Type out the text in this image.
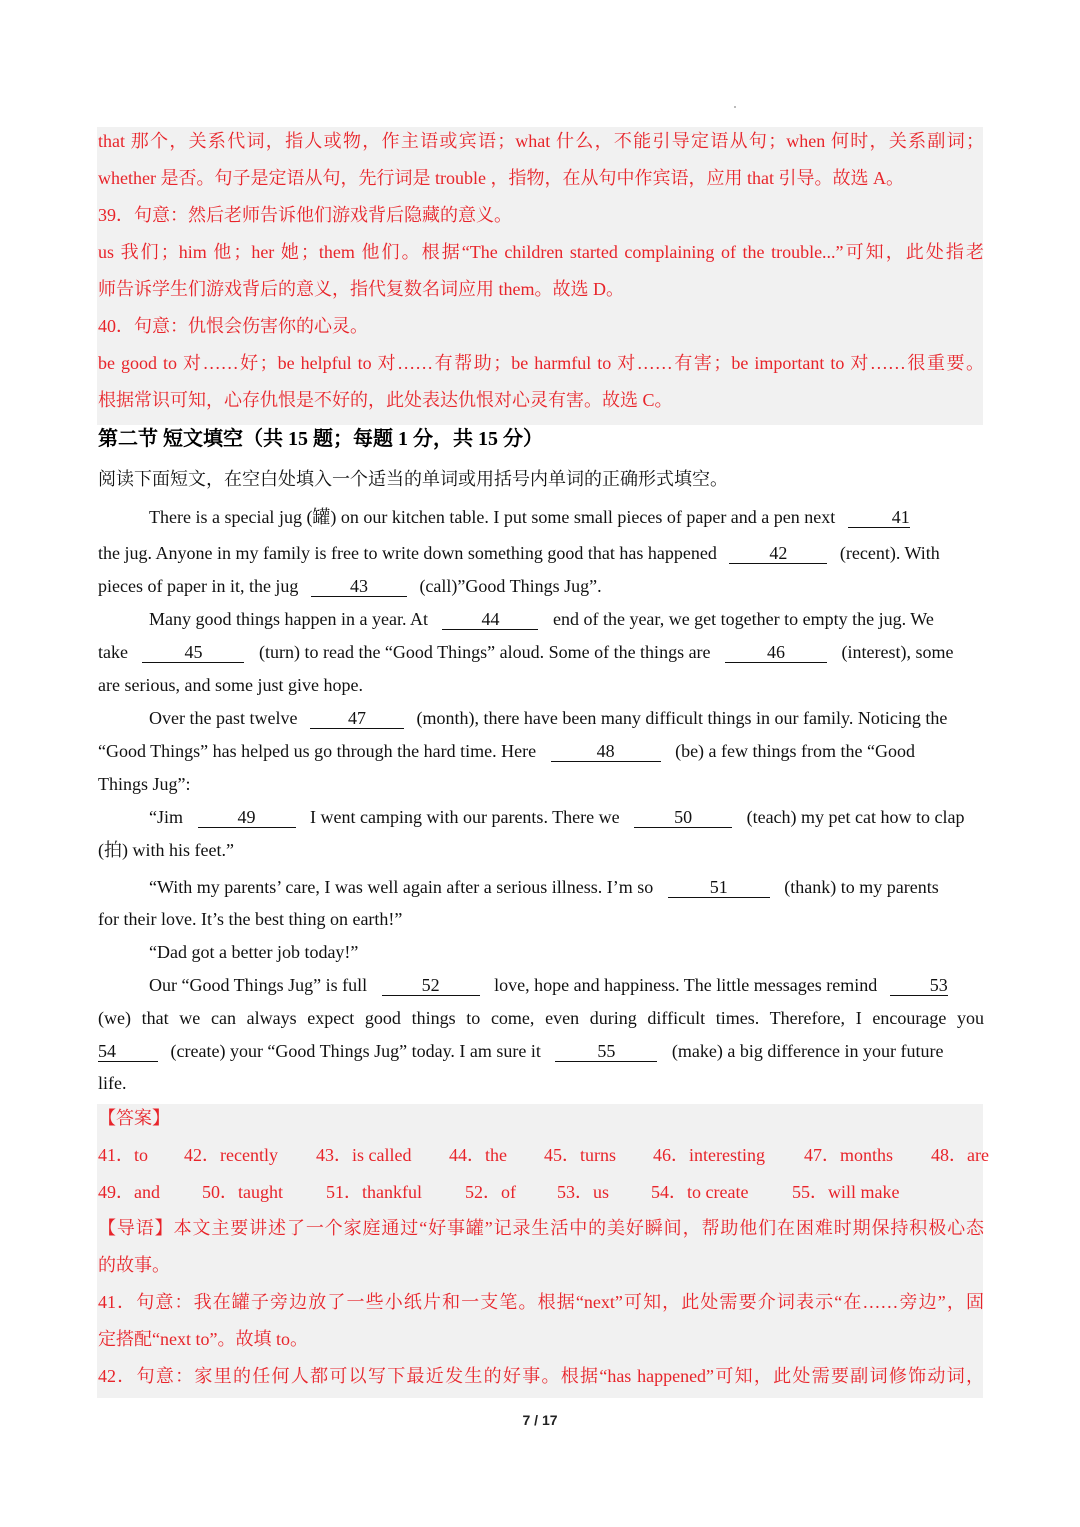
that 那个，关系代词，指人或物，作主语或宾语；what 什么，不能引导定语从句；when 何时，关系副词；
whether 是否。句子是定语从句，先行词是 trouble ，指物，在从句中作宾语，应用 that 引导。故选 A。
39．句意：然后老师告诉他们游戏背后隐藏的意义。
us 我们；him 他；her 她；them 他们。根据“The children started complaining of the trouble...”可知，此处指老
师告诉学生们游戏背后的意义，指代复数名词应用 them。故选 D。
40．句意：仇恨会伤害你的心灵。
be good to 对……好；be helpful to 对……有帮助；be harmful to 对……有害；be important to 对……很重要。
根据常识可知，心存仇恨是不好的，此处表达仇恨对心灵有害。故选 C。
第二节 短文填空（共 15 题；每题 1 分，共 15 分）
阅读下面短文，在空白处填入一个适当的单词或用括号内单词的正确形式填空。
There is a special jug (罐) on our kitchen table. I put some small pieces of paper and a pen next	41
the jug. Anyone in my family is free to write down something good that has happened	42	(recent). With
pieces of paper in it, the jug	43	(call)”Good Things Jug”.
Many good things happen in a year. At	44	end of the year, we get together to empty the jug. We
take	45	(turn) to read the “Good Things” aloud. Some of the things are	46	(interest), some
are serious, and some just give hope.
Over the past twelve	47	(month), there have been many difficult things in our family. Noticing the
“Good Things” has helped us go through the hard time. Here	48	(be) a few things from the “Good
Things Jug”:
“Jim	49	I went camping with our parents. There we	50	(teach) my pet cat how to clap
(拍) with his feet.”
“With my parents’ care, I was well again after a serious illness. I’m so	51	(thank) to my parents
for their love. It’s the best thing on earth!”
“Dad got a better job today!”
Our “Good Things Jug” is full	52	love, hope and happiness. The little messages remind	53
(we) that we can always expect good things to come, even during difficult times. Therefore, I encourage you
54	(create) your “Good Things Jug” today. I am sure it	55	(make) a big difference in your future
life.
【答案】
41．to 42．recently 43．is called 44．the 45．turns 46．interesting 47．months 48．are
49．and 50．taught 51．thankful 52．of 53．us 54．to create 55．will make
【导语】本文主要讲述了一个家庭通过“好事罐”记录生活中的美好瞬间，帮助他们在困难时期保持积极心态
的故事。
41．句意：我在罐子旁边放了一些小纸片和一支笔。根据“next”可知，此处需要介词表示“在……旁边”，固
定搭配“next to”。故填 to。
42．句意：家里的任何人都可以写下最近发生的好事。根据“has happened”可知，此处需要副词修饰动词，
7 / 17
